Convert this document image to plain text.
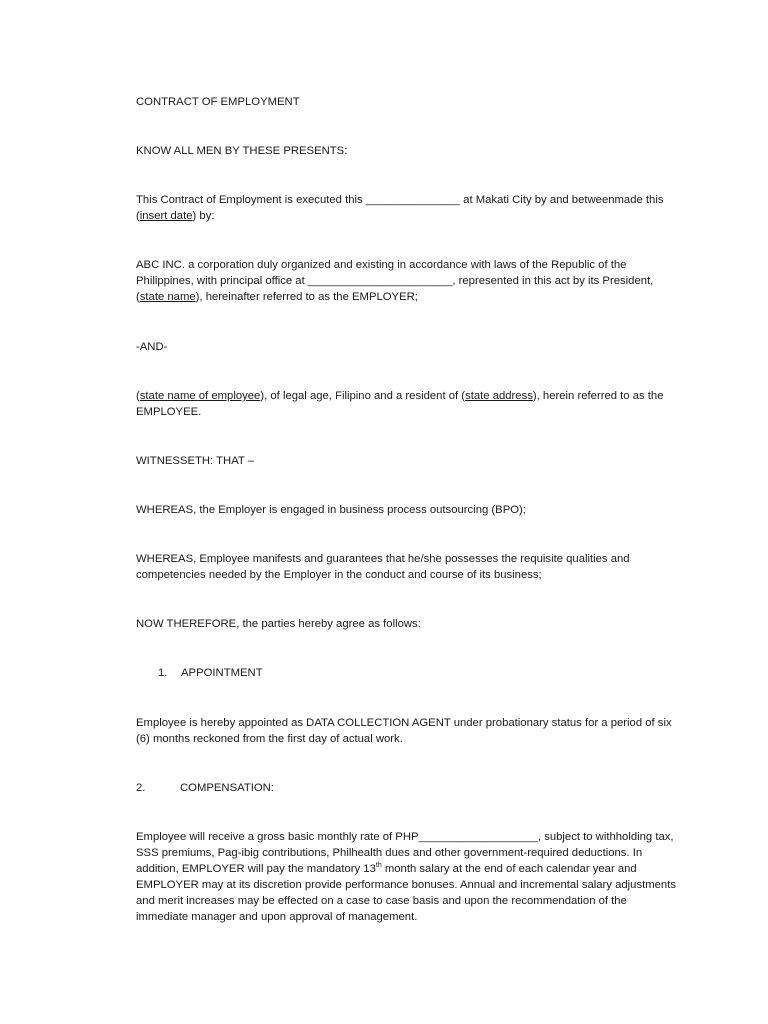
CONTRACT OF EMPLOYMENT

KNOW ALL MEN BY THESE PRESENTS:

This Contract of Employment is executed this _______________ at Makati City by and betweenmade this (insert date) by:

ABC INC. a corporation duly organized and existing in accordance with laws of the Republic of the Philippines, with principal office at _______________________, represented in this act by its President, (state name), hereinafter referred to as the EMPLOYER;

-AND-

(state name of employee), of legal age, Filipino and a resident of (state address), herein referred to as the EMPLOYEE.

WITNESSETH: THAT –

WHEREAS, the Employer is engaged in business process outsourcing (BPO);

WHEREAS, Employee manifests and guarantees that he/she possesses the requisite qualities and competencies needed by the Employer in the conduct and course of its business;

NOW THEREFORE, the parties hereby agree as follows:

1. APPOINTMENT

Employee is hereby appointed as DATA COLLECTION AGENT under probationary status for a period of six (6) months reckoned from the first day of actual work.

2.	COMPENSATION:

Employee will receive a gross basic monthly rate of PHP___________________, subject to withholding tax, SSS premiums, Pag-ibig contributions, Philhealth dues and other government-required deductions. In addition, EMPLOYER will pay the mandatory 13th month salary at the end of each calendar year and EMPLOYER may at its discretion provide performance bonuses. Annual and incremental salary adjustments and merit increases may be effected on a case to case basis and upon the recommendation of the immediate manager and upon approval of management.
